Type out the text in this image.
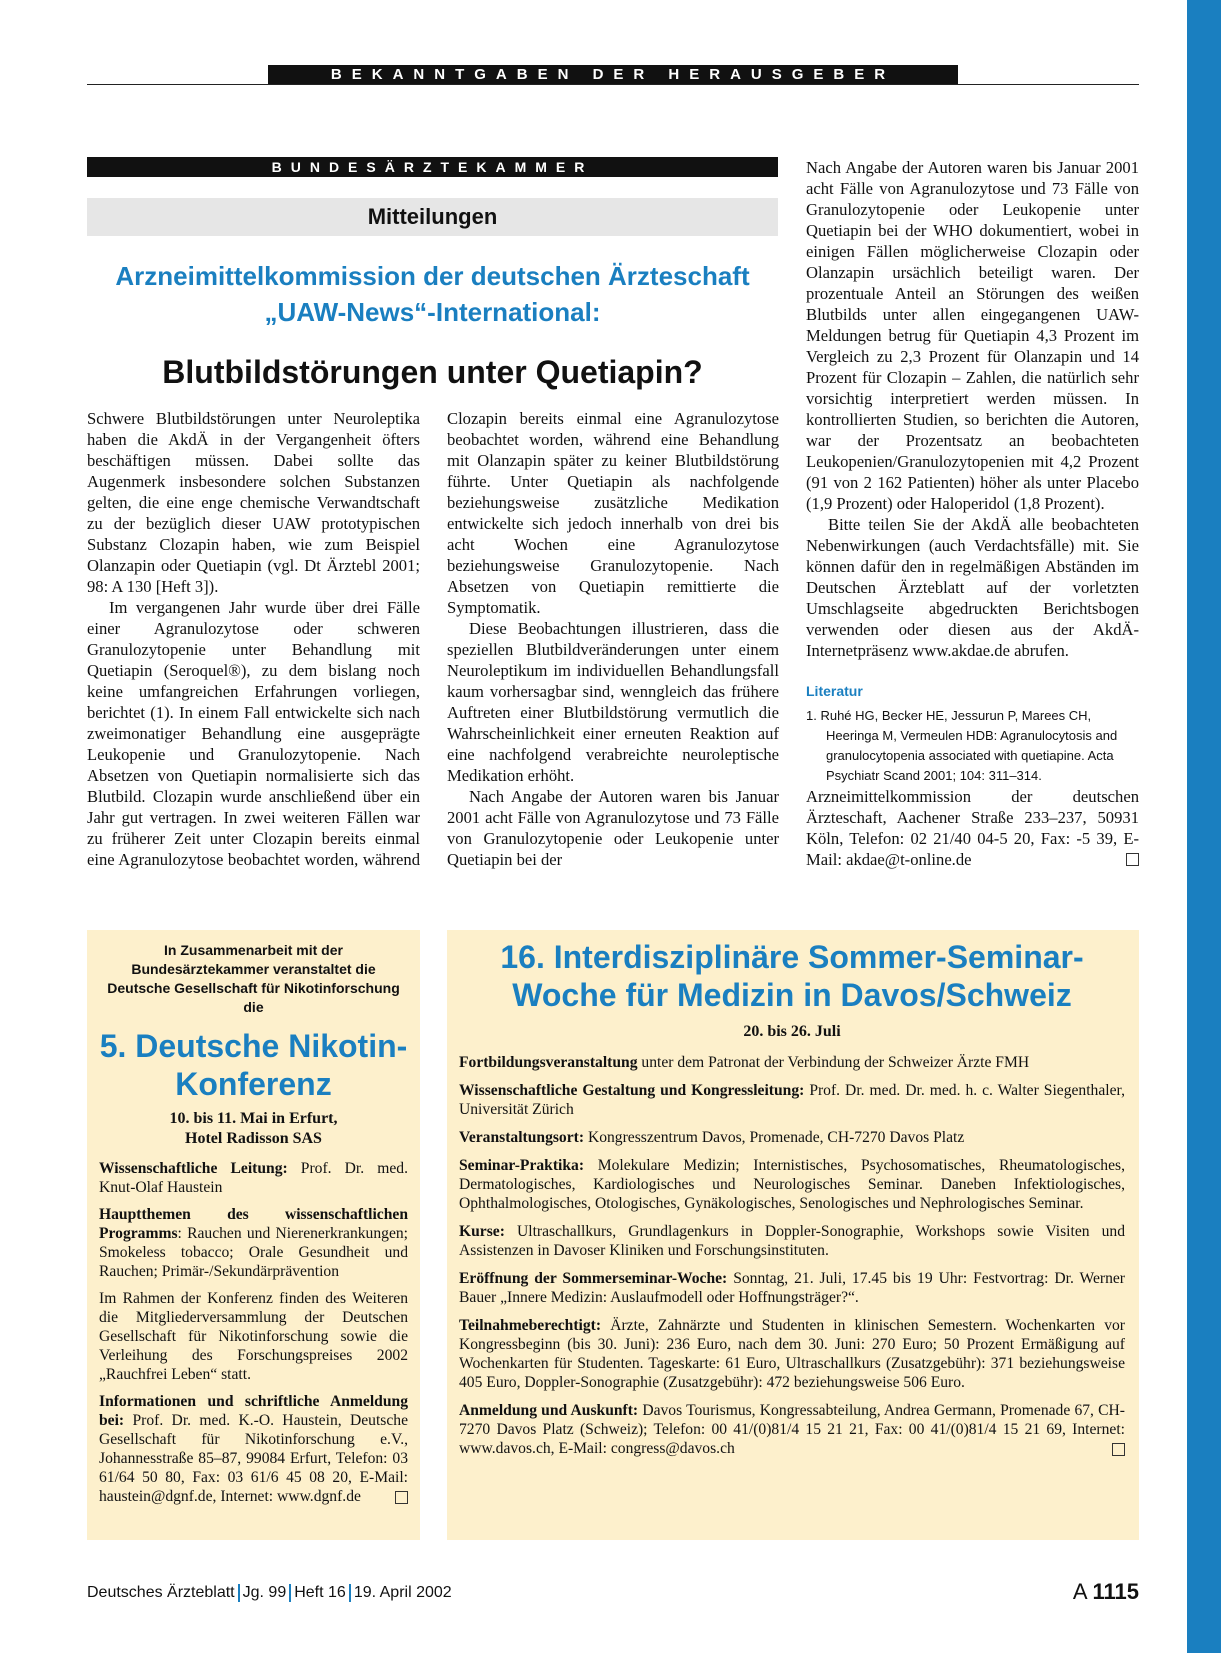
BEKANNTGABEN DER HERAUSGEBER
BUNDESÄRZTEKAMMER
Mitteilungen
Arzneimittelkommission der deutschen Ärzteschaft
„UAW-News“-International:
Blutbildstörungen unter Quetiapin?

Schwere Blutbildstörungen unter Neuroleptika haben die AkdÄ in der Vergangenheit öfters beschäftigen müssen. Dabei sollte das Augenmerk insbesondere solchen Substanzen gelten, die eine enge chemische Verwandtschaft zu der bezüglich dieser UAW prototypischen Substanz Clozapin haben, wie zum Beispiel Olanzapin oder Quetiapin (vgl. Dt Ärztebl 2001; 98: A 130 [Heft 3]).

Im vergangenen Jahr wurde über drei Fälle einer Agranulozytose oder schweren Granulozytopenie unter Behandlung mit Quetiapin (Seroquel®), zu dem bislang noch keine umfangreichen Erfahrungen vorliegen, berichtet (1). In einem Fall entwickelte sich nach zweimonatiger Behandlung eine ausgeprägte Leukopenie und Granulozytopenie. Nach Absetzen von Quetiapin normalisierte sich das Blutbild. Clozapin wurde anschließend über ein Jahr gut vertragen. In zwei weiteren Fällen war zu früherer Zeit unter Clozapin bereits einmal eine Agranulozytose beobachtet worden, während

Clozapin bereits einmal eine Agranulozytose beobachtet worden, während eine Behandlung mit Olanzapin später zu keiner Blutbildstörung führte. Unter Quetiapin als nachfolgende beziehungsweise zusätzliche Medikation entwickelte sich jedoch innerhalb von drei bis acht Wochen eine Agranulozytose beziehungsweise Granulozytopenie. Nach Absetzen von Quetiapin remittierte die Symptomatik.

Diese Beobachtungen illustrieren, dass die speziellen Blutbildveränderungen unter einem Neuroleptikum im individuellen Behandlungsfall kaum vorhersagbar sind, wenngleich das frühere Auftreten einer Blutbildstörung vermutlich die Wahrscheinlichkeit einer erneuten Reaktion auf eine nachfolgend verabreichte neuroleptische Medikation erhöht.

Nach Angabe der Autoren waren bis Januar 2001 acht Fälle von Agranulozytose und 73 Fälle von Granulozytopenie oder Leukopenie unter Quetiapin bei der

Nach Angabe der Autoren waren bis Januar 2001 acht Fälle von Agranulozytose und 73 Fälle von Granulozytopenie oder Leukopenie unter Quetiapin bei der WHO dokumentiert, wobei in einigen Fällen möglicherweise Clozapin oder Olanzapin ursächlich beteiligt waren. Der prozentuale Anteil an Störungen des weißen Blutbilds unter allen eingegangenen UAW-Meldungen betrug für Quetiapin 4,3 Prozent im Vergleich zu 2,3 Prozent für Olanzapin und 14 Prozent für Clozapin – Zahlen, die natürlich sehr vorsichtig interpretiert werden müssen. In kontrollierten Studien, so berichten die Autoren, war der Prozentsatz an beobachteten Leukopenien/Granulozytopenien mit 4,2 Prozent (91 von 2 162 Patienten) höher als unter Placebo (1,9 Prozent) oder Haloperidol (1,8 Prozent).

Bitte teilen Sie der AkdÄ alle beobachteten Nebenwirkungen (auch Verdachtsfälle) mit. Sie können dafür den in regelmäßigen Abständen im Deutschen Ärzteblatt auf der vorletzten Umschlagseite abgedruckten Berichtsbogen verwenden oder diesen aus der AkdÄ-Internetpräsenz www.akdae.de abrufen.

Literatur
1. Ruhé HG, Becker HE, Jessurun P, Marees CH, Heeringa M, Vermeulen HDB: Agranulocytosis and granulocytopenia associated with quetiapine. Acta Psychiatr Scand 2001; 104: 311–314.

Arzneimittelkommission der deutschen Ärzteschaft, Aachener Straße 233–237, 50931 Köln, Telefon: 02 21/40 04-5 20, Fax: -5 39, E-Mail: akdae@t-online.de

In Zusammenarbeit mit der Bundesärztekammer veranstaltet die Deutsche Gesellschaft für Nikotinforschung die
5. Deutsche Nikotin-Konferenz
10. bis 11. Mai in Erfurt,
Hotel Radisson SAS

Wissenschaftliche Leitung: Prof. Dr. med. Knut-Olaf Haustein

Hauptthemen des wissenschaftlichen Programms: Rauchen und Nierenerkrankungen; Smokeless tobacco; Orale Gesundheit und Rauchen; Primär-/Sekundärprävention

Im Rahmen der Konferenz finden des Weiteren die Mitgliederversammlung der Deutschen Gesellschaft für Nikotinforschung sowie die Verleihung des Forschungspreises 2002 „Rauchfrei Leben“ statt.

Informationen und schriftliche Anmeldung bei: Prof. Dr. med. K.-O. Haustein, Deutsche Gesellschaft für Nikotinforschung e.V., Johannesstraße 85–87, 99084 Erfurt, Telefon: 03 61/64 50 80, Fax: 03 61/6 45 08 20, E-Mail: haustein@dgnf.de, Internet: www.dgnf.de

16. Interdisziplinäre Sommer-Seminar-Woche für Medizin in Davos/Schweiz
20. bis 26. Juli

Fortbildungsveranstaltung unter dem Patronat der Verbindung der Schweizer Ärzte FMH

Wissenschaftliche Gestaltung und Kongressleitung: Prof. Dr. med. Dr. med. h. c. Walter Siegenthaler, Universität Zürich

Veranstaltungsort: Kongresszentrum Davos, Promenade, CH-7270 Davos Platz

Seminar-Praktika: Molekulare Medizin; Internistisches, Psychosomatisches, Rheumatologisches, Dermatologisches, Kardiologisches und Neurologisches Seminar. Daneben Infektiologisches, Ophthalmologisches, Otologisches, Gynäkologisches, Senologisches und Nephrologisches Seminar.

Kurse: Ultraschallkurs, Grundlagenkurs in Doppler-Sonographie, Workshops sowie Visiten und Assistenzen in Davoser Kliniken und Forschungsinstituten.

Eröffnung der Sommerseminar-Woche: Sonntag, 21. Juli, 17.45 bis 19 Uhr: Festvortrag: Dr. Werner Bauer „Innere Medizin: Auslaufmodell oder Hoffnungsträger?“.

Teilnahmeberechtigt: Ärzte, Zahnärzte und Studenten in klinischen Semestern. Wochenkarten vor Kongressbeginn (bis 30. Juni): 236 Euro, nach dem 30. Juni: 270 Euro; 50 Prozent Ermäßigung auf Wochenkarten für Studenten. Tageskarte: 61 Euro, Ultraschallkurs (Zusatzgebühr): 371 beziehungsweise 405 Euro, Doppler-Sonographie (Zusatzgebühr): 472 beziehungsweise 506 Euro.

Anmeldung und Auskunft: Davos Tourismus, Kongressabteilung, Andrea Germann, Promenade 67, CH-7270 Davos Platz (Schweiz); Telefon: 00 41/(0)81/4 15 21 21, Fax: 00 41/(0)81/4 15 21 69, Internet: www.davos.ch, E-Mail: congress@davos.ch

Deutsches Ärzteblatt Jg. 99 Heft 16 19. April 2002	A 1115
